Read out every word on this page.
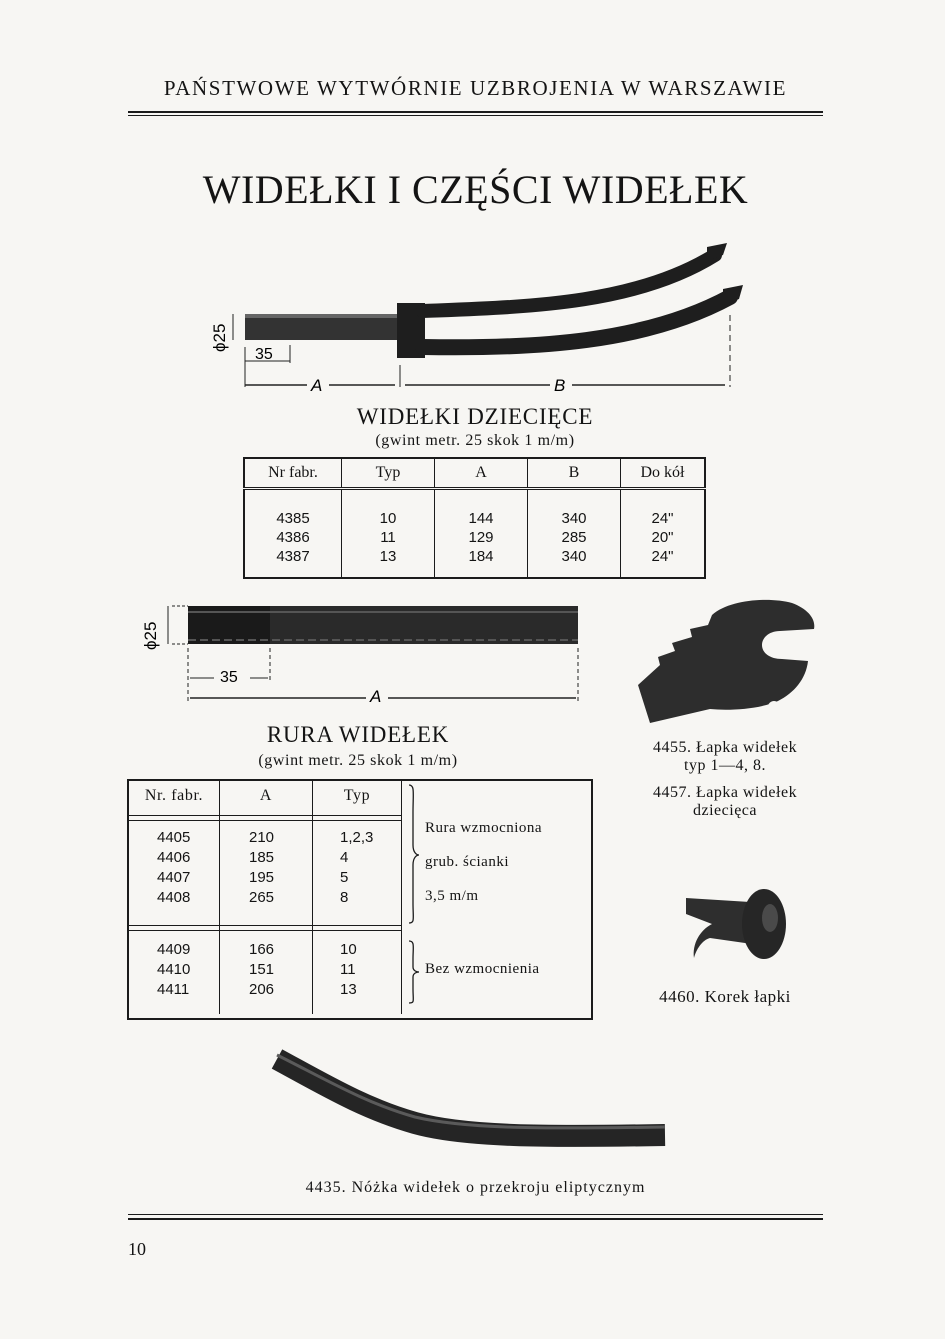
PAŃSTWOWE WYTWÓRNIE UZBROJENIA W WARSZAWIE
WIDEŁKI I CZĘŚCI WIDEŁEK
ϕ25
35
A	B
WIDEŁKI DZIECIĘCE
(gwint metr. 25 skok 1 m/m)
Nr fabr.	Typ	A	B	Do kół

4385	10	144	340	24"
4386	11	129	285	20"
4387	13	184	340	24"

ϕ25
35
A
RURA WIDEŁEK
(gwint metr. 25 skok 1 m/m)
Nr. fabr.	A	Typ
4405	210	1,2,3
4406	185	4
4407	195	5
4408	265	8
Rura wzmocniona
grub. ścianki
3,5 m/m
4409	166	10
4410	151	11
4411	206	13
Bez wzmocnienia
4455. Łapka widełek
typ 1—4, 8.
4457. Łapka widełek
dziecięca
4460. Korek łapki
4435. Nóżka widełek o przekroju eliptycznym
10
